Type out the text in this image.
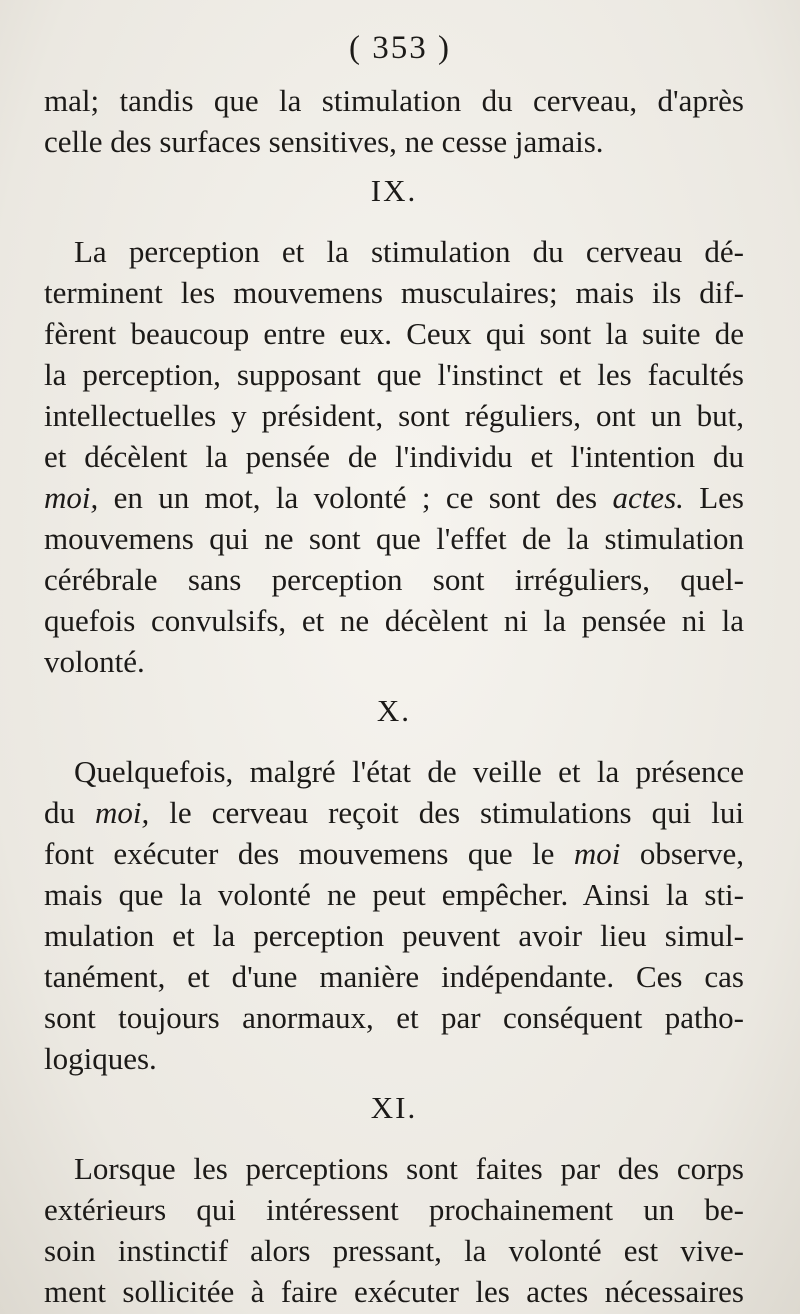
( 353 )
mal; tandis que la stimulation du cerveau, d'après
celle des surfaces sensitives, ne cesse jamais.
IX.
La perception et la stimulation du cerveau dé-
terminent les mouvemens musculaires; mais ils dif-
fèrent beaucoup entre eux. Ceux qui sont la suite de
la perception, supposant que l'instinct et les facultés
intellectuelles y président, sont réguliers, ont un but,
et décèlent la pensée de l'individu et l'intention du
moi, en un mot, la volonté ; ce sont des actes. Les
mouvemens qui ne sont que l'effet de la stimulation
cérébrale sans perception sont irréguliers, quel-
quefois convulsifs, et ne décèlent ni la pensée ni la
volonté.
X.
Quelquefois, malgré l'état de veille et la présence
du moi, le cerveau reçoit des stimulations qui lui
font exécuter des mouvemens que le moi observe,
mais que la volonté ne peut empêcher. Ainsi la sti-
mulation et la perception peuvent avoir lieu simul-
tanément, et d'une manière indépendante. Ces cas
sont toujours anormaux, et par conséquent patho-
logiques.
XI.
Lorsque les perceptions sont faites par des corps
extérieurs qui intéressent prochainement un be-
soin instinctif alors pressant, la volonté est vive-
ment sollicitée à faire exécuter les actes nécessaires
